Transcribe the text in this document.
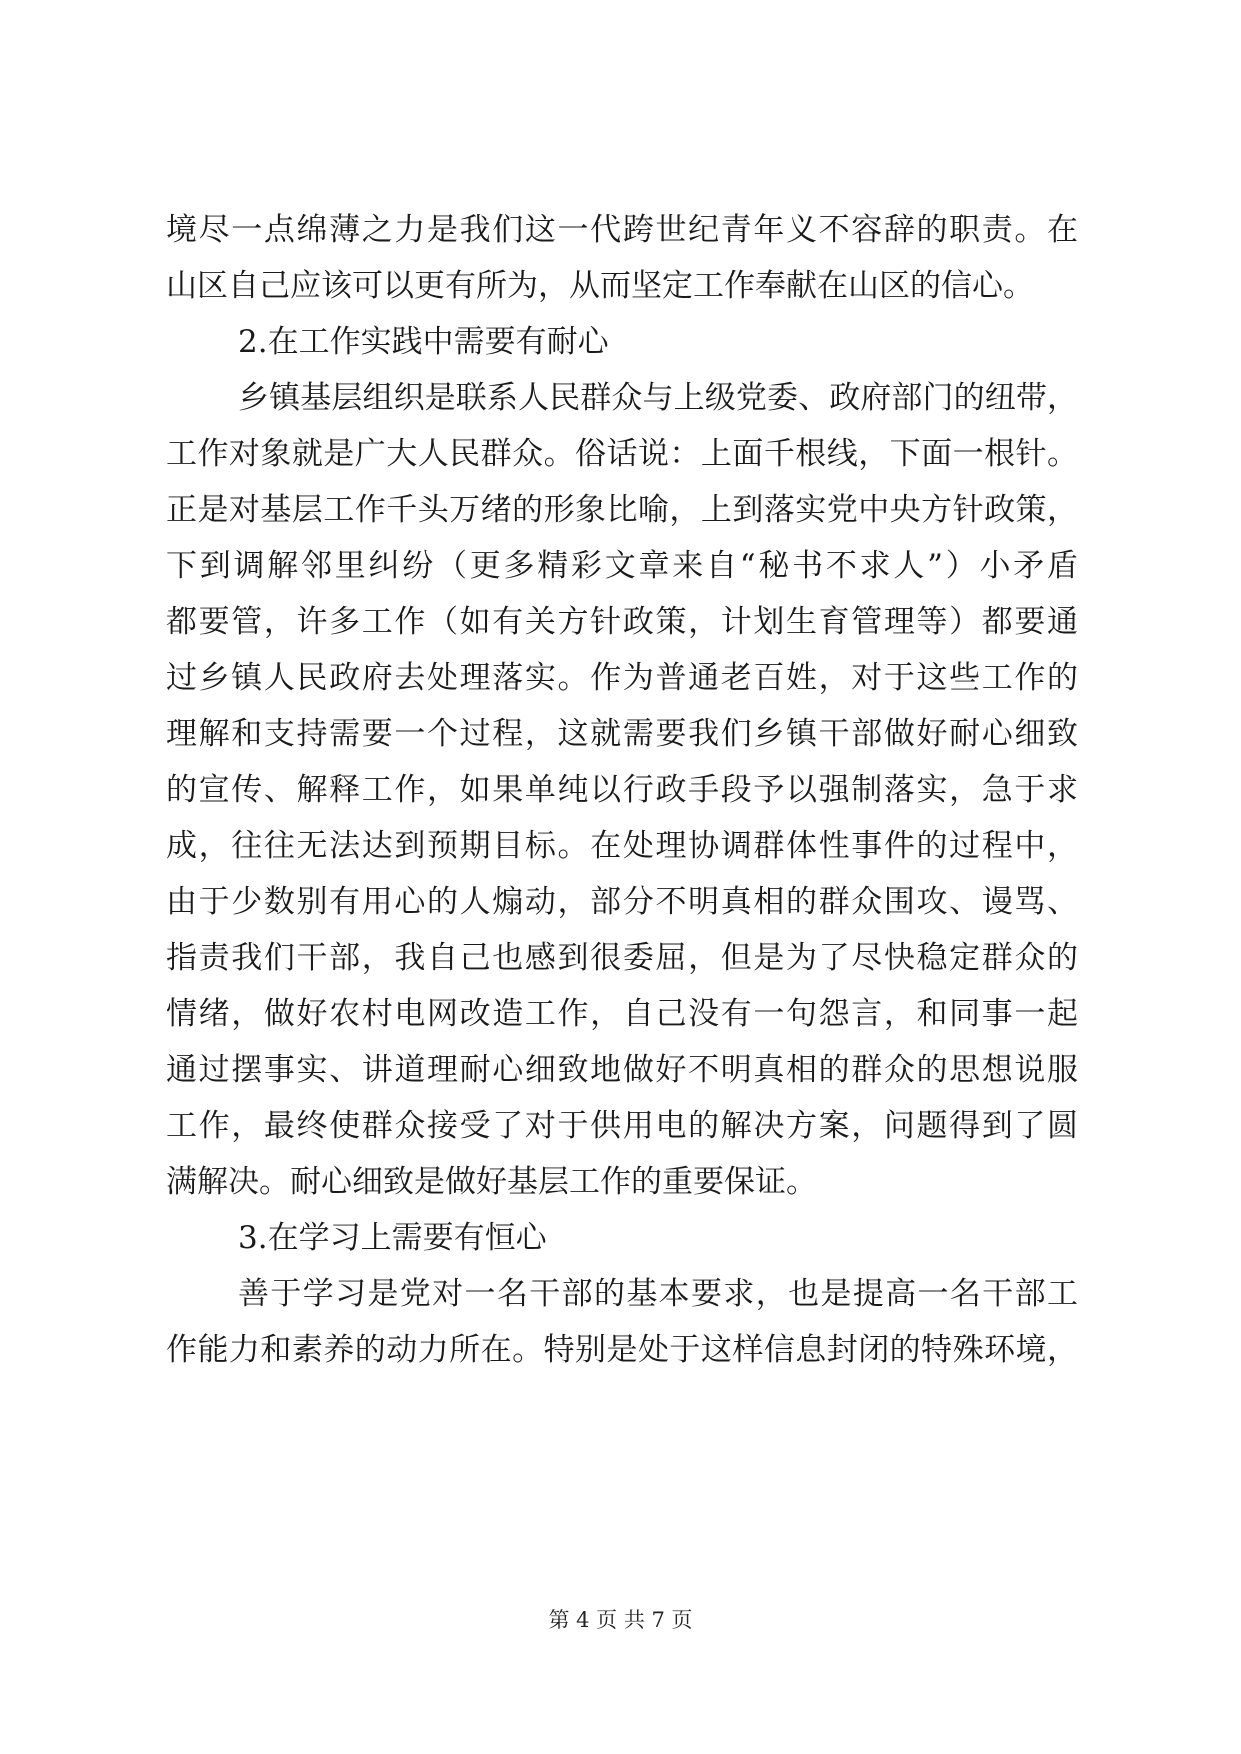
境尽一点绵薄之力是我们这一代跨世纪青年义不容辞的职责。在
山区自己应该可以更有所为，从而坚定工作奉献在山区的信心。
2.在工作实践中需要有耐心
乡镇基层组织是联系人民群众与上级党委、政府部门的纽带，
工作对象就是广大人民群众。俗话说：上面千根线，下面一根针。
正是对基层工作千头万绪的形象比喻，上到落实党中央方针政策，
下到调解邻里纠纷（更多精彩文章来自“秘书不求人”）小矛盾
都要管，许多工作（如有关方针政策，计划生育管理等）都要通
过乡镇人民政府去处理落实。作为普通老百姓，对于这些工作的
理解和支持需要一个过程，这就需要我们乡镇干部做好耐心细致
的宣传、解释工作，如果单纯以行政手段予以强制落实，急于求
成，往往无法达到预期目标。在处理协调群体性事件的过程中，
由于少数别有用心的人煽动，部分不明真相的群众围攻、谩骂、
指责我们干部，我自己也感到很委屈，但是为了尽快稳定群众的
情绪，做好农村电网改造工作，自己没有一句怨言，和同事一起
通过摆事实、讲道理耐心细致地做好不明真相的群众的思想说服
工作，最终使群众接受了对于供用电的解决方案，问题得到了圆
满解决。耐心细致是做好基层工作的重要保证。
3.在学习上需要有恒心
善于学习是党对一名干部的基本要求，也是提高一名干部工
作能力和素养的动力所在。特别是处于这样信息封闭的特殊环境，
第 4 页 共 7 页
